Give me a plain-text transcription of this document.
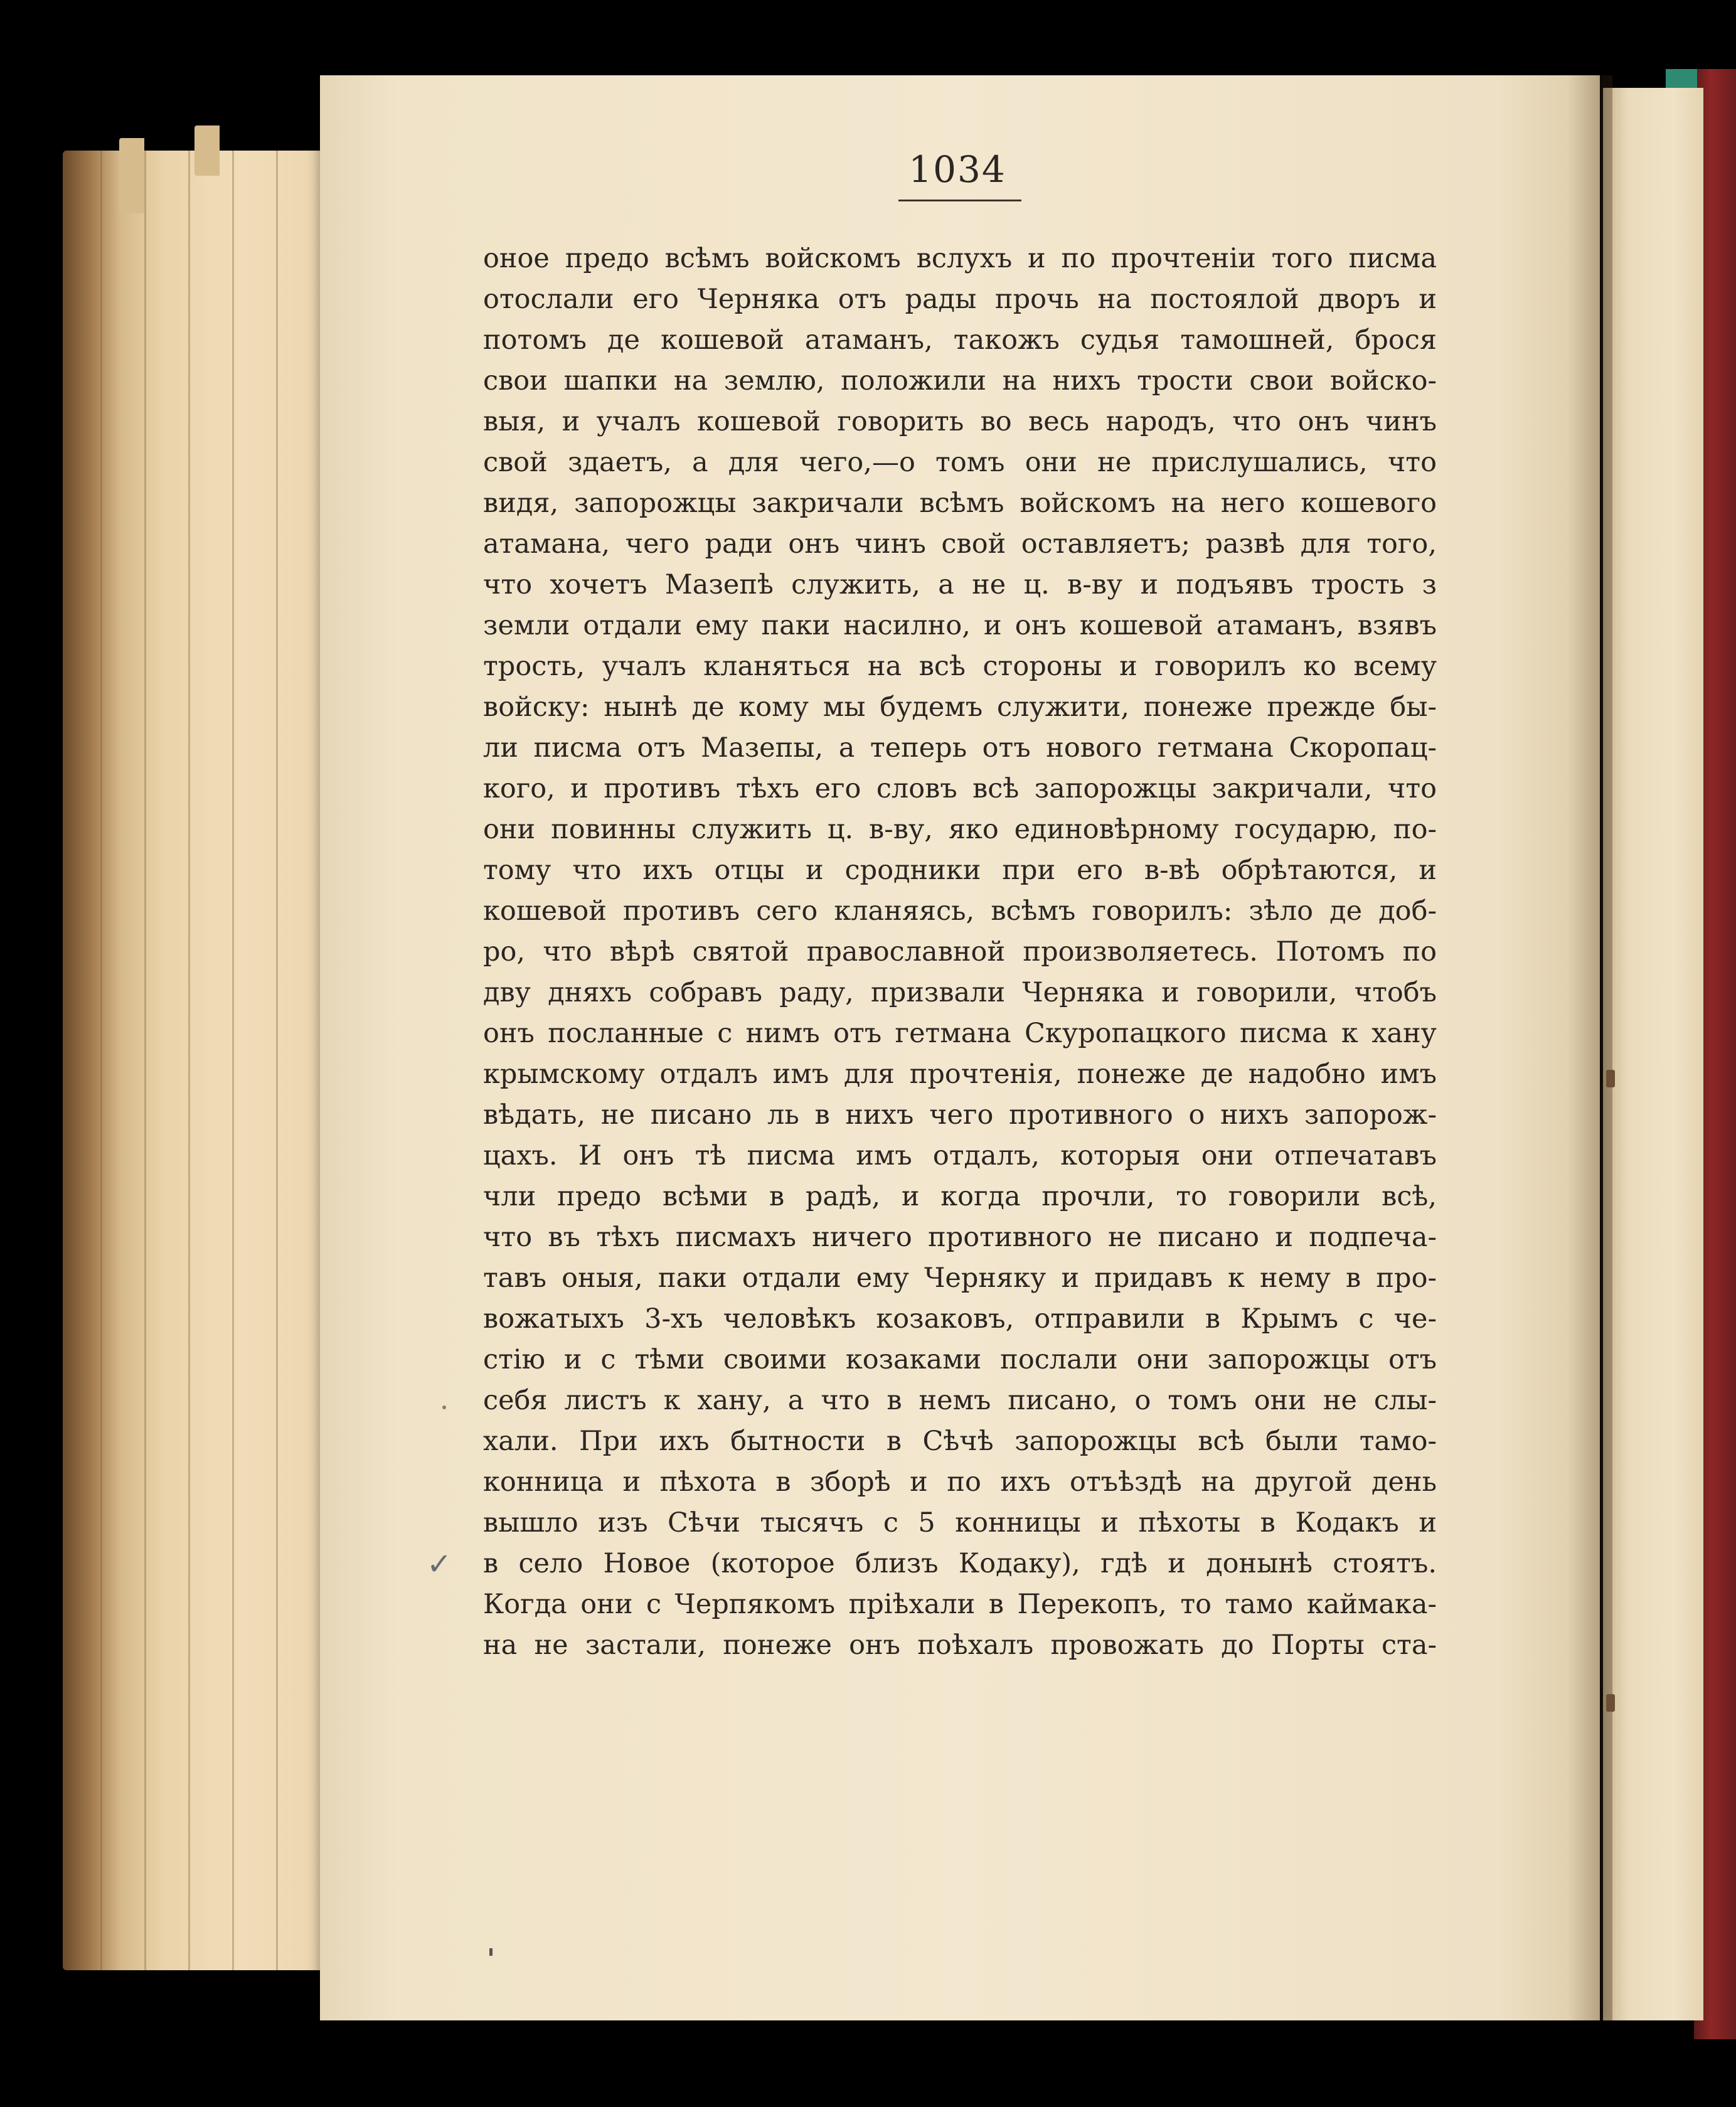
1034
оное предо всѣмъ войскомъ вслухъ и по прочтеніи того писма
отослали его Черняка отъ рады прочь на постоялой дворъ и
потомъ де кошевой атаманъ, такожъ судья тамошней, брося
свои шапки на землю, положили на нихъ трости свои войско-
выя, и учалъ кошевой говорить во весь народъ, что онъ чинъ
свой здаетъ, а для чего,—о томъ они не прислушались, что
видя, запорожцы закричали всѣмъ войскомъ на него кошевого
атамана, чего ради онъ чинъ свой оставляетъ; развѣ для того,
что хочетъ Мазепѣ служить, а не ц. в-ву и подъявъ трость з
земли отдали ему паки насилно, и онъ кошевой атаманъ, взявъ
трость, учалъ кланяться на всѣ стороны и говорилъ ко всему
войску: нынѣ де кому мы будемъ служити, понеже прежде бы-
ли писма отъ Мазепы, а теперь отъ нового гетмана Скоропац-
кого, и противъ тѣхъ его словъ всѣ запорожцы закричали, что
они повинны служить ц. в-ву, яко единовѣрному государю, по-
тому что ихъ отцы и сродники при его в-вѣ обрѣтаются, и
кошевой противъ сего кланяясь, всѣмъ говорилъ: зѣло де доб-
ро, что вѣрѣ святой православной произволяетесь. Потомъ по
дву дняхъ собравъ раду, призвали Черняка и говорили, чтобъ
онъ посланные с нимъ отъ гетмана Скуропацкого писма к хану
крымскому отдалъ имъ для прочтенія, понеже де надобно имъ
вѣдать, не писано ль в нихъ чего противного о нихъ запорож-
цахъ. И онъ тѣ писма имъ отдалъ, которыя они отпечатавъ
чли предо всѣми в радѣ, и когда прочли, то говорили всѣ,
что въ тѣхъ писмахъ ничего противного не писано и подпеча-
тавъ оныя, паки отдали ему Черняку и придавъ к нему в про-
вожатыхъ 3-хъ человѣкъ козаковъ, отправили в Крымъ с че-
стію и с тѣми своими козаками послали они запорожцы отъ
себя листъ к хану, а что в немъ писано, о томъ они не слы-
хали. При ихъ бытности в Сѣчѣ запорожцы всѣ были тамо-
конница и пѣхота в зборѣ и по ихъ отъѣздѣ на другой день
вышло изъ Сѣчи тысячъ с 5 конницы и пѣхоты в Кодакъ и
в село Новое (которое близъ Кодаку), гдѣ и донынѣ стоятъ.
Когда они с Черпякомъ пріѣхали в Перекопъ, то тамо каймака-
на не застали, понеже онъ поѣхалъ провожать до Порты ста-
✓
